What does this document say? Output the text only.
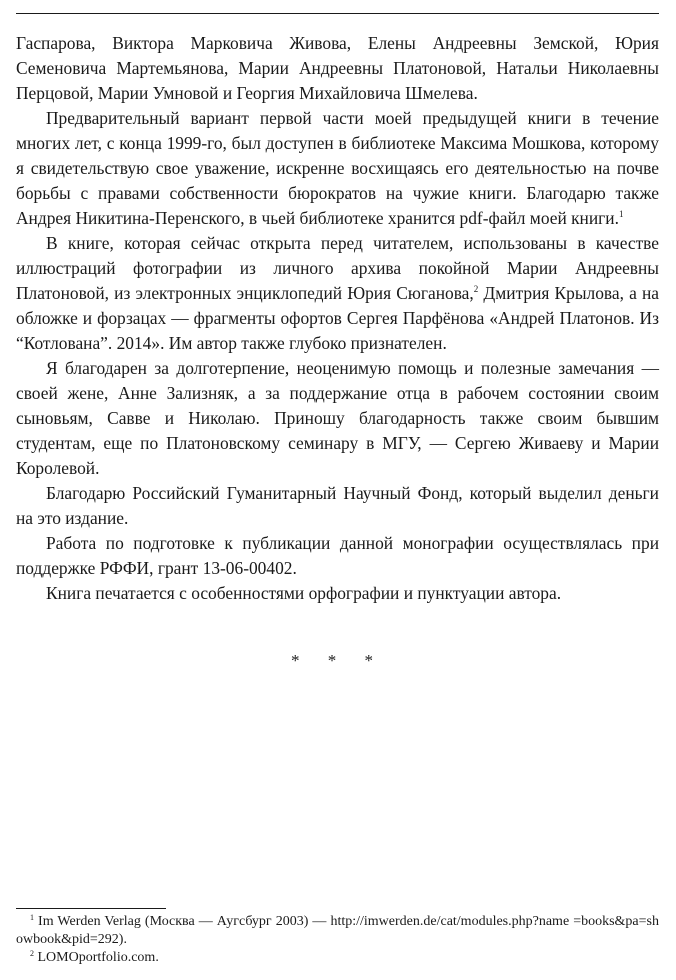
Гаспарова, Виктора Марковича Живова, Елены Андреевны Земской, Юрия Семеновича Мартемьянова, Марии Андреевны Платоновой, Натальи Николаевны Перцовой, Марии Умновой и Георгия Михайловича Шмелева.

Предварительный вариант первой части моей предыдущей книги в течение многих лет, с конца 1999-го, был доступен в библиотеке Максима Мошкова, которому я свидетельствую свое уважение, искренне восхищаясь его деятельностью на почве борьбы с правами собственности бюрократов на чужие книги. Благодарю также Андрея Никитина-Перенского, в чьей библиотеке хранится pdf-файл моей книги.$^1$

В книге, которая сейчас открыта перед читателем, использованы в качестве иллюстраций фотографии из личного архива покойной Марии Андреевны Платоновой, из электронных энциклопедий Юрия Сюганова,$^2$ Дмитрия Крылова, а на обложке и форзацах — фрагменты офортов Сергея Парфёнова «Андрей Платонов. Из “Котлована”. 2014». Им автор также глубоко признателен.

Я благодарен за долготерпение, неоценимую помощь и полезные замечания — своей жене, Анне Зализняк, а за поддержание отца в рабочем состоянии своим сыновьям, Савве и Николаю. Приношу благодарность также своим бывшим студентам, еще по Платоновскому семинару в МГУ, — Сергею Живаеву и Марии Королевой.

Благодарю Российский Гуманитарный Научный Фонд, который выделил деньги на это издание.

Работа по подготовке к публикации данной монографии осуществлялась при поддержке РФФИ, грант 13-06-00402.

Книга печатается с особенностями орфографии и пунктуации автора.

* * *

$^1$ Im Werden Verlag (Москва — Аугсбург 2003) — http://imwerden.de/cat/modules.php?name =books&pa=showbook&pid=292).

$^2$ LOMOportfolio.com.
